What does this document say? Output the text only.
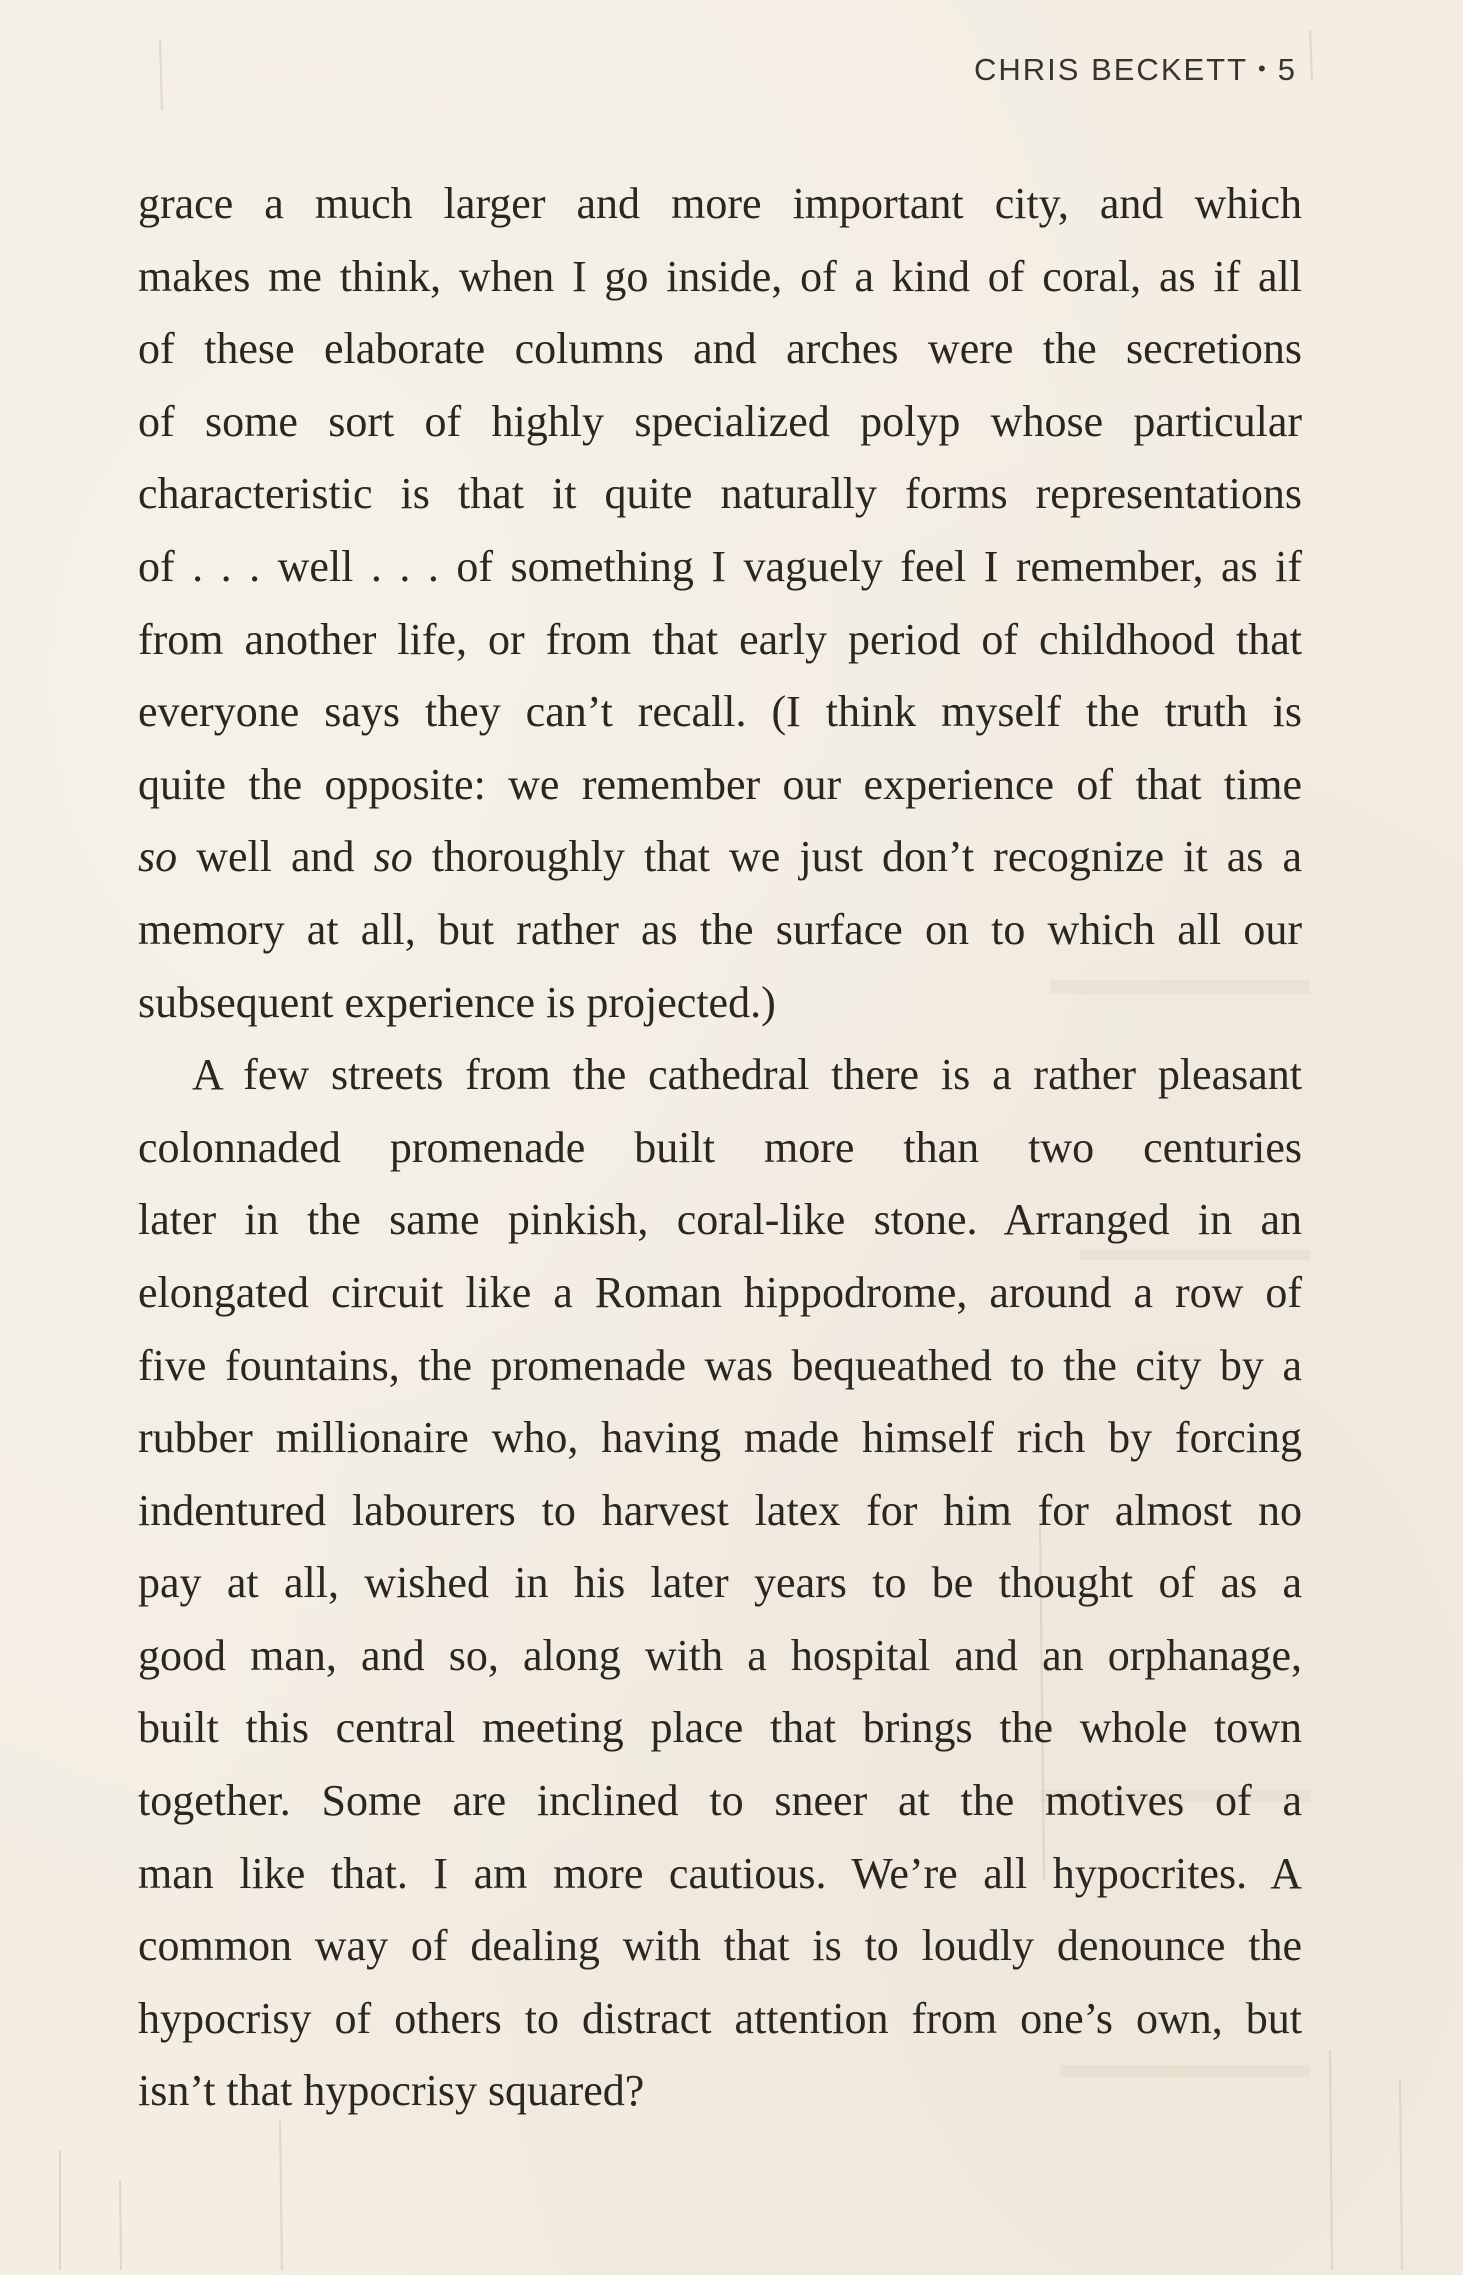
CHRIS BECKETT • 5
grace a much larger and more important city, and which
makes me think, when I go inside, of a kind of coral, as if all
of these elaborate columns and arches were the secretions
of some sort of highly specialized polyp whose particular
characteristic is that it quite naturally forms representations
of . . . well . . . of something I vaguely feel I remember, as if
from another life, or from that early period of childhood that
everyone says they can’t recall. (I think myself the truth is
quite the opposite: we remember our experience of that time
so well and so thoroughly that we just don’t recognize it as a
memory at all, but rather as the surface on to which all our
subsequent experience is projected.)
A few streets from the cathedral there is a rather pleasant
colonnaded promenade built more than two centuries
later in the same pinkish, coral-like stone. Arranged in an
elongated circuit like a Roman hippodrome, around a row of
five fountains, the promenade was bequeathed to the city by a
rubber millionaire who, having made himself rich by forcing
indentured labourers to harvest latex for him for almost no
pay at all, wished in his later years to be thought of as a
good man, and so, along with a hospital and an orphanage,
built this central meeting place that brings the whole town
together. Some are inclined to sneer at the motives of a
man like that. I am more cautious. We’re all hypocrites. A
common way of dealing with that is to loudly denounce the
hypocrisy of others to distract attention from one’s own, but
isn’t that hypocrisy squared?
